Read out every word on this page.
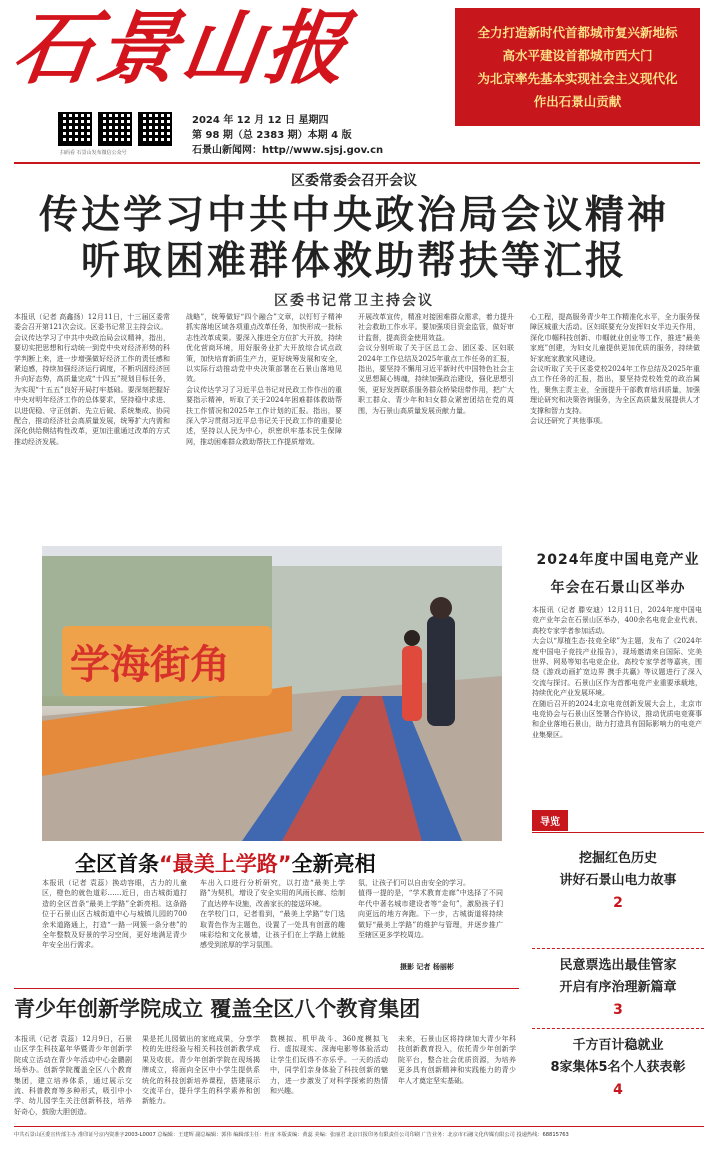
石景山报	全力打造新时代首都城市复兴新地标
高水平建设首都城市西大门
为北京率先基本实现社会主义现代化
作出石景山贡献
扫码看 石景山发布微信公众号
2024 年 12 月 12 日 星期四
第 98 期（总 2383 期）本期 4 版
石景山新闻网：http//www.sjsj.gov.cn
区委常委会召开会议
传达学习中共中央政治局会议精神
听取困难群体救助帮扶等汇报
区委书记常卫主持会议
本报讯（记者 高鑫扬）12月11日，十三届区委常委会召开第121次会议。区委书记常卫主持会议。
会议传达学习了中共中央政治局会议精神，指出，要切实把思想和行动统一到党中央对经济形势的科学判断上来，进一步增强做好经济工作的责任感和紧迫感，持续加强经济运行调度，不断巩固经济回升向好态势，高质量完成“十四五”规划目标任务，为实现“十五五”良好开局打牢基础。要深刻把握好中央对明年经济工作的总体要求，坚持稳中求进、以进促稳、守正创新、先立后破、系统集成、协同配合，推动经济社会高质量发展，统筹扩大内需和深化供给侧结构性改革，更加注重通过改革的方式推动经济发展。
战略”，统筹做好“四个融合”文章，以钉钉子精神抓实落地区域各项重点改革任务，加快形成一批标志性改革成果。要深入推进全方位扩大开放，持续优化营商环境，用好服务业扩大开放综合试点政策，加快培育新质生产力，更好统筹发展和安全，以实际行动推动党中央决策部署在石景山落地见效。
会议传达学习了习近平总书记对民政工作作出的重要指示精神，听取了关于2024年困难群体救助帮扶工作情况和2025年工作计划的汇报。指出，要深入学习贯彻习近平总书记关于民政工作的重要论述，坚持以人民为中心，织密织牢基本民生保障网，推动困难群众救助帮扶工作提质增效。
开展改革宣传，精准对接困难群众需求，着力提升社会救助工作水平。要加强项目资金监管，做好审计监督，提高资金使用效益。
会议分别听取了关于区总工会、团区委、区妇联2024年工作总结及2025年重点工作任务的汇报，指出，要坚持不懈用习近平新时代中国特色社会主义思想凝心铸魂，持续加强政治建设，强化思想引领，更好发挥联系服务群众桥梁纽带作用，把广大职工群众、青少年和妇女群众紧密团结在党的周围，为石景山高质量发展贡献力量。
心工程，提高服务青少年工作精准化水平，全力服务保障区城重大活动。区妇联要充分发挥妇女半边天作用，深化巾帼科技创新、巾帼就业创业等工作，推进“最美家庭”创建，为妇女儿童提供更加优质的服务，持续做好家庭家教家风建设。
会议听取了关于区委党校2024年工作总结及2025年重点工作任务的汇报，指出，要坚持党校姓党的政治属性，聚焦主责主业，全面提升干部教育培训质量，加强理论研究和决策咨询服务，为全区高质量发展提供人才支撑和智力支持。
会议还研究了其他事项。
学海街角
全区首条“最美上学路”全新亮相
本报讯（记者 袁蕊）换动容眼，古力的儿童区，橙色的就色道彩……近日，由古城街道打造的全区首条“最美上学路”全新亮相。这条路位于石景山区古城街道中心与城镇儿园的700余米道路通上，打造“一路一网簇一条分巷”的全年整数及好景的学习空间，更好地满足青少年安全出行需求。
车出入口进行分析研究，以打造“最美上学路”为契机，增设了安全实用的风雨长廊、绘制了直达停车设施，改善家长的接送环境。
在学校门口，记者看到，“最美上学路”专门选取青色作为主题色，设置了一处具有创意的趣味彩绘和文化景墙，让孩子们在上学路上就能感受到浓厚的学习氛围。
氛，让孩子们可以自由安全的学习。
值得一提的是，“学术教育走廊”中选择了不同年代中著名城市建设者等“金句”，激励孩子们向更远的地方奔跑。下一步，古城街道将持续做好“最美上学路”的维护与管理，并逐步推广至辖区更多学校周边。
摄影 记者 杨丽彬
2024年度中国电竞产业
年会在石景山区举办
本报讯（记者 滕安迪）12月11日，2024年度中国电竞产业年会在石景山区举办，400余名电竞企业代表、高校专家学者参加活动。
大会以“厚植生态·技竞全球”为主题，发布了《2024年度中国电子竞技产业报告》，现场邀请来自国际、完美世界、网易等知名电竞企业、高校专家学者等嘉宾，围绕《游戏动画扩宽边界 携手共赢》等议题进行了深入交流与探讨。石景山区作为首都电竞产业重要承载地，持续优化产业发展环境。
在随后召开的2024北京电竞创新发展大会上，北京市电竞协会与石景山区签署合作协议，推动优质电竞赛事和企业落地石景山，助力打造具有国际影响力的电竞产业集聚区。
导览
挖掘红色历史
讲好石景山电力故事
2
民意票选出最佳管家
开启有序治理新篇章
3
千方百计稳就业
8家集体5名个人获表彰
4
青少年创新学院成立 覆盖全区八个教育集团
本报讯（记者 袁蕊）12月9日，石景山区学生科技嘉年华暨青少年创新学院成立活动在青少年活动中心金鹏剧场举办。创新学院覆盖全区八个教育集团，建立培养体系，通过展示交流、科普教育等多种形式，吸引中小学、幼儿园学生关注创新科技，培养好奇心，鼓励大胆创造。
果是托儿园做出的家庭成果，分享学校的先进经验与相关科技创新教学成果及收获。青少年创新学院在现场揭牌成立，将面向全区中小学生提供系统化的科技创新培养课程，搭建展示交流平台，提升学生的科学素养和创新能力。
数模拟、机甲战斗、360度模拟飞行、虚拟现实、深海电影等体验活动让学生们玩得不亦乐乎。一天的活动中，同学们亲身体验了科技创新的魅力，进一步激发了对科学探索的热情和兴趣。
未来，石景山区将持续加大青少年科技创新教育投入，依托青少年创新学院平台，整合社会优质资源，为培养更多具有创新精神和实践能力的青少年人才奠定坚实基础。
中共石景山区委宣传部主办 准印证号京内资准字2003-L0007 总编辑：王建辉 副总编辑：郭伟 编辑部主任：杜宙 本版责编：黄蕊 美编：张丽君 北京日报印务有限责任公司印刷 广告业务：北京市石融文化传媒有限公司 投递热线：68815763
